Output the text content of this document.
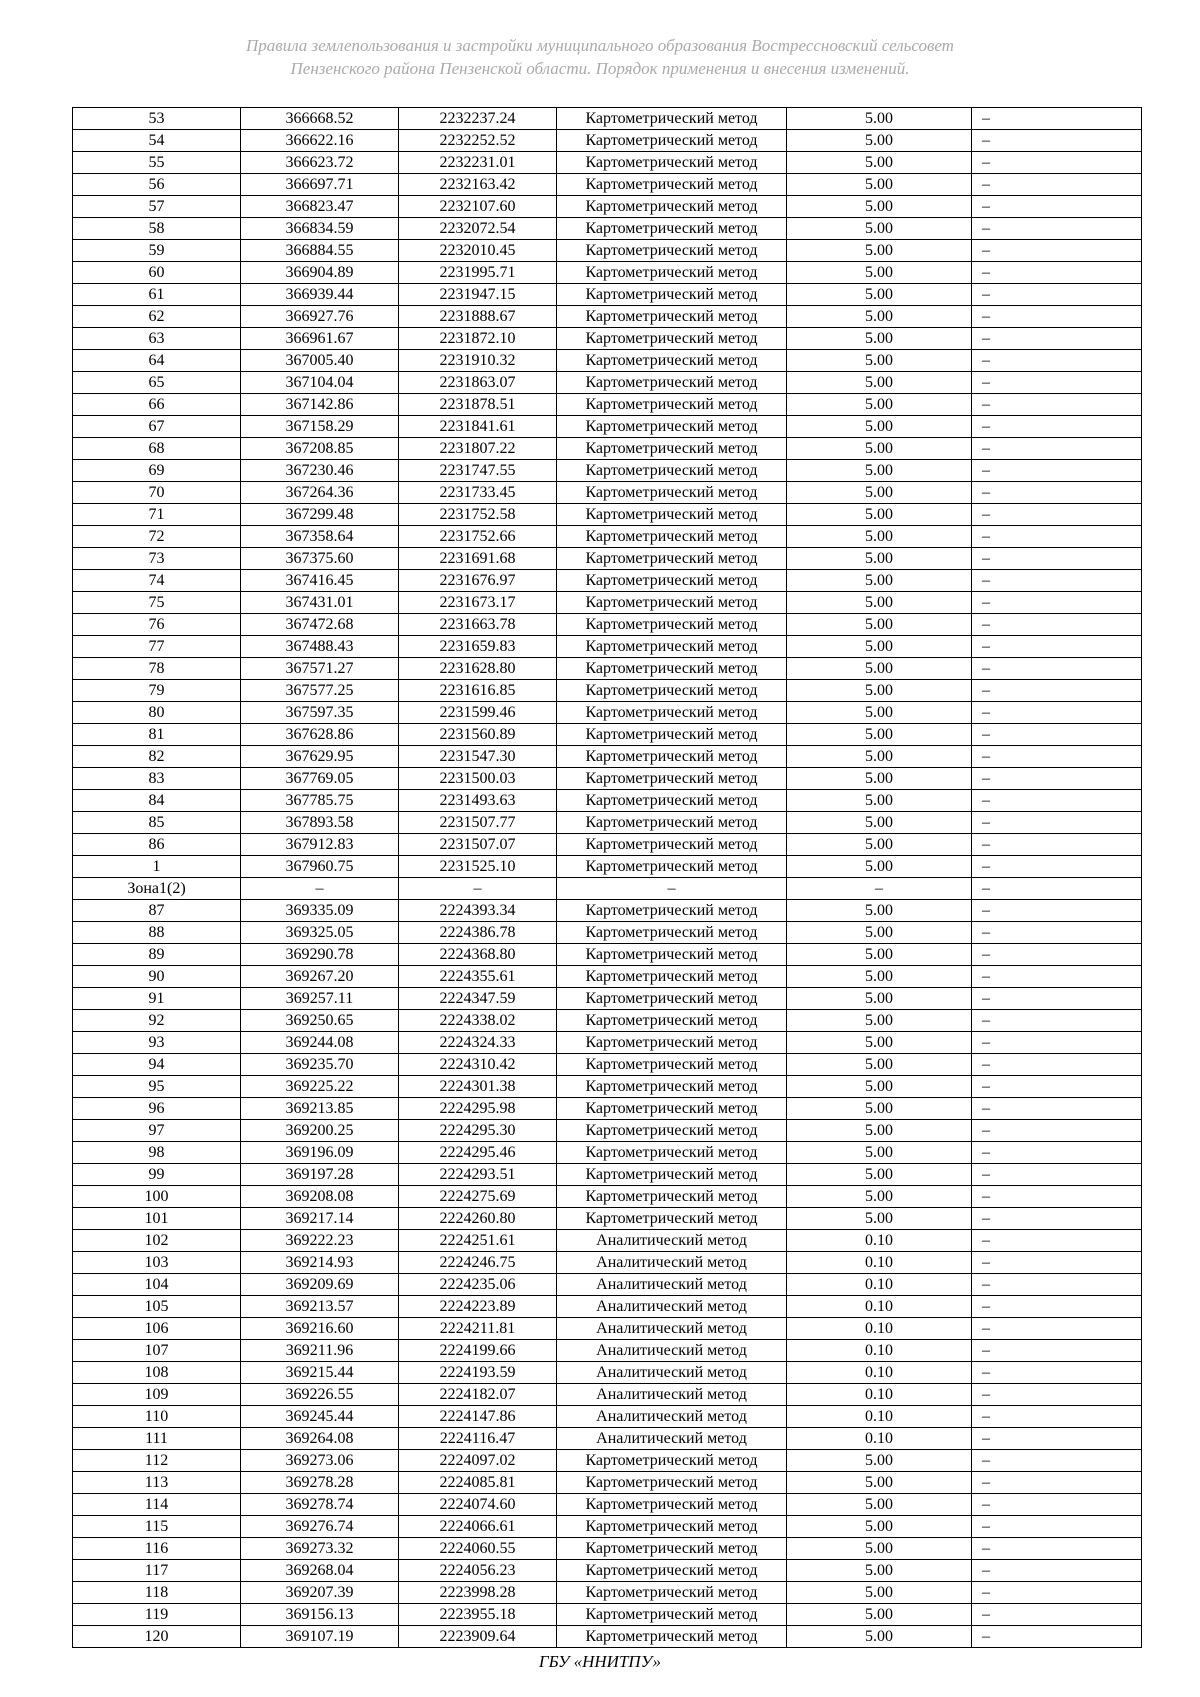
Правила землепользования и застройки муниципального образования Вострессновский сельсовет
Пензенского района Пензенской области. Порядок применения и внесения изменений.
53	366668.52	2232237.24	Картометрический метод	5.00	–
54	366622.16	2232252.52	Картометрический метод	5.00	–
55	366623.72	2232231.01	Картометрический метод	5.00	–
56	366697.71	2232163.42	Картометрический метод	5.00	–
57	366823.47	2232107.60	Картометрический метод	5.00	–
58	366834.59	2232072.54	Картометрический метод	5.00	–
59	366884.55	2232010.45	Картометрический метод	5.00	–
60	366904.89	2231995.71	Картометрический метод	5.00	–
61	366939.44	2231947.15	Картометрический метод	5.00	–
62	366927.76	2231888.67	Картометрический метод	5.00	–
63	366961.67	2231872.10	Картометрический метод	5.00	–
64	367005.40	2231910.32	Картометрический метод	5.00	–
65	367104.04	2231863.07	Картометрический метод	5.00	–
66	367142.86	2231878.51	Картометрический метод	5.00	–
67	367158.29	2231841.61	Картометрический метод	5.00	–
68	367208.85	2231807.22	Картометрический метод	5.00	–
69	367230.46	2231747.55	Картометрический метод	5.00	–
70	367264.36	2231733.45	Картометрический метод	5.00	–
71	367299.48	2231752.58	Картометрический метод	5.00	–
72	367358.64	2231752.66	Картометрический метод	5.00	–
73	367375.60	2231691.68	Картометрический метод	5.00	–
74	367416.45	2231676.97	Картометрический метод	5.00	–
75	367431.01	2231673.17	Картометрический метод	5.00	–
76	367472.68	2231663.78	Картометрический метод	5.00	–
77	367488.43	2231659.83	Картометрический метод	5.00	–
78	367571.27	2231628.80	Картометрический метод	5.00	–
79	367577.25	2231616.85	Картометрический метод	5.00	–
80	367597.35	2231599.46	Картометрический метод	5.00	–
81	367628.86	2231560.89	Картометрический метод	5.00	–
82	367629.95	2231547.30	Картометрический метод	5.00	–
83	367769.05	2231500.03	Картометрический метод	5.00	–
84	367785.75	2231493.63	Картометрический метод	5.00	–
85	367893.58	2231507.77	Картометрический метод	5.00	–
86	367912.83	2231507.07	Картометрический метод	5.00	–
1	367960.75	2231525.10	Картометрический метод	5.00	–
Зона1(2)	–	–	–	–	–
87	369335.09	2224393.34	Картометрический метод	5.00	–
88	369325.05	2224386.78	Картометрический метод	5.00	–
89	369290.78	2224368.80	Картометрический метод	5.00	–
90	369267.20	2224355.61	Картометрический метод	5.00	–
91	369257.11	2224347.59	Картометрический метод	5.00	–
92	369250.65	2224338.02	Картометрический метод	5.00	–
93	369244.08	2224324.33	Картометрический метод	5.00	–
94	369235.70	2224310.42	Картометрический метод	5.00	–
95	369225.22	2224301.38	Картометрический метод	5.00	–
96	369213.85	2224295.98	Картометрический метод	5.00	–
97	369200.25	2224295.30	Картометрический метод	5.00	–
98	369196.09	2224295.46	Картометрический метод	5.00	–
99	369197.28	2224293.51	Картометрический метод	5.00	–
100	369208.08	2224275.69	Картометрический метод	5.00	–
101	369217.14	2224260.80	Картометрический метод	5.00	–
102	369222.23	2224251.61	Аналитический метод	0.10	–
103	369214.93	2224246.75	Аналитический метод	0.10	–
104	369209.69	2224235.06	Аналитический метод	0.10	–
105	369213.57	2224223.89	Аналитический метод	0.10	–
106	369216.60	2224211.81	Аналитический метод	0.10	–
107	369211.96	2224199.66	Аналитический метод	0.10	–
108	369215.44	2224193.59	Аналитический метод	0.10	–
109	369226.55	2224182.07	Аналитический метод	0.10	–
110	369245.44	2224147.86	Аналитический метод	0.10	–
111	369264.08	2224116.47	Аналитический метод	0.10	–
112	369273.06	2224097.02	Картометрический метод	5.00	–
113	369278.28	2224085.81	Картометрический метод	5.00	–
114	369278.74	2224074.60	Картометрический метод	5.00	–
115	369276.74	2224066.61	Картометрический метод	5.00	–
116	369273.32	2224060.55	Картометрический метод	5.00	–
117	369268.04	2224056.23	Картометрический метод	5.00	–
118	369207.39	2223998.28	Картометрический метод	5.00	–
119	369156.13	2223955.18	Картометрический метод	5.00	–
120	369107.19	2223909.64	Картометрический метод	5.00	–
ГБУ «ННИТПУ»
